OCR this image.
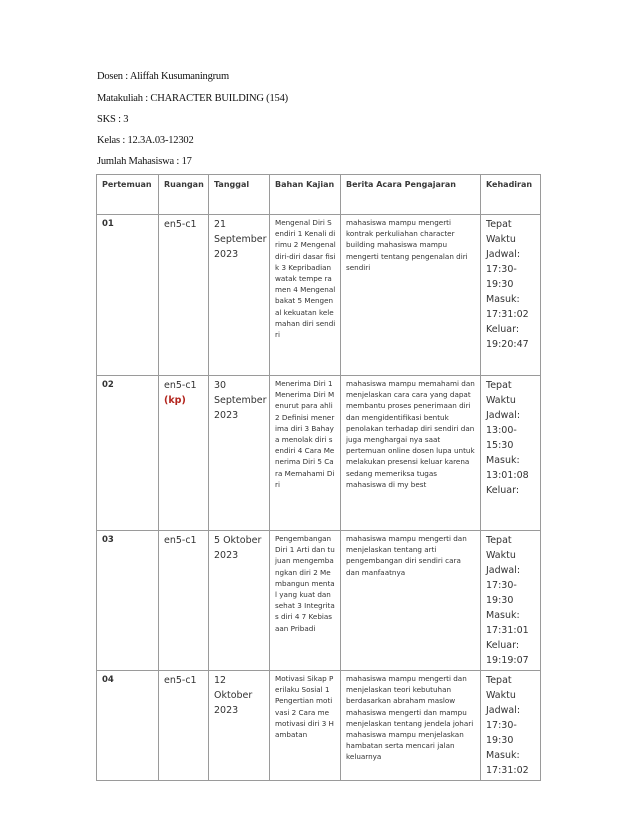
Dosen : Aliffah Kusumaningrum
Matakuliah : CHARACTER BUILDING (154)
SKS : 3
Kelas : 12.3A.03-12302
Jumlah Mahasiswa : 17
Pertemuan	Ruangan	Tanggal	Bahan Kajian	Berita Acara Pengajaran	Kehadiran
01	en5-c1	21 September 2023	Mengenal Diri Sendiri 1 Kenali dirimu 2 Mengenal diri-diri dasar fisik 3 Kepribadian watak tempe ramen 4 Mengenal bakat 5 Mengenal kekuatan kelemahan diri sendiri	mahasiswa mampu mengerti kontrak perkuliahan character building mahasiswa mampu mengerti tentang pengenalan diri sendiri	Tepat Waktu Jadwal: 17:30-19:30 Masuk: 17:31:02 Keluar: 19:20:47
02	en5-c1 (kp)	30 September 2023	Menerima Diri 1 Menerima Diri Menurut para ahli 2 Definisi menerima diri 3 Bahaya menolak diri sendiri 4 Cara Menerima Diri 5 Cara Memahami Diri	mahasiswa mampu memahami dan menjelaskan cara cara yang dapat membantu proses penerimaan diri dan mengidentifikasi bentuk penolakan terhadap diri sendiri dan juga menghargai nya saat pertemuan online dosen lupa untuk melakukan presensi keluar karena sedang memeriksa tugas mahasiswa di my best	Tepat Waktu Jadwal: 13:00-15:30 Masuk: 13:01:08 Keluar:
03	en5-c1	5 Oktober 2023	Pengembangan Diri 1 Arti dan tujuan mengembangkan diri 2 Membangun mental yang kuat dan sehat 3 Integritas diri 4 7 Kebiasaan Pribadi	mahasiswa mampu mengerti dan menjelaskan tentang arti pengembangan diri sendiri cara dan manfaatnya	Tepat Waktu Jadwal: 17:30-19:30 Masuk: 17:31:01 Keluar: 19:19:07
04	en5-c1	12 Oktober 2023	Motivasi Sikap Perilaku Sosial 1 Pengertian motivasi 2 Cara memotivasi diri 3 Hambatan	mahasiswa mampu mengerti dan menjelaskan teori kebutuhan berdasarkan abraham maslow mahasiswa mengerti dan mampu menjelaskan tentang jendela johari mahasiswa mampu menjelaskan hambatan serta mencari jalan keluarnya	Tepat Waktu Jadwal: 17:30-19:30 Masuk: 17:31:02
